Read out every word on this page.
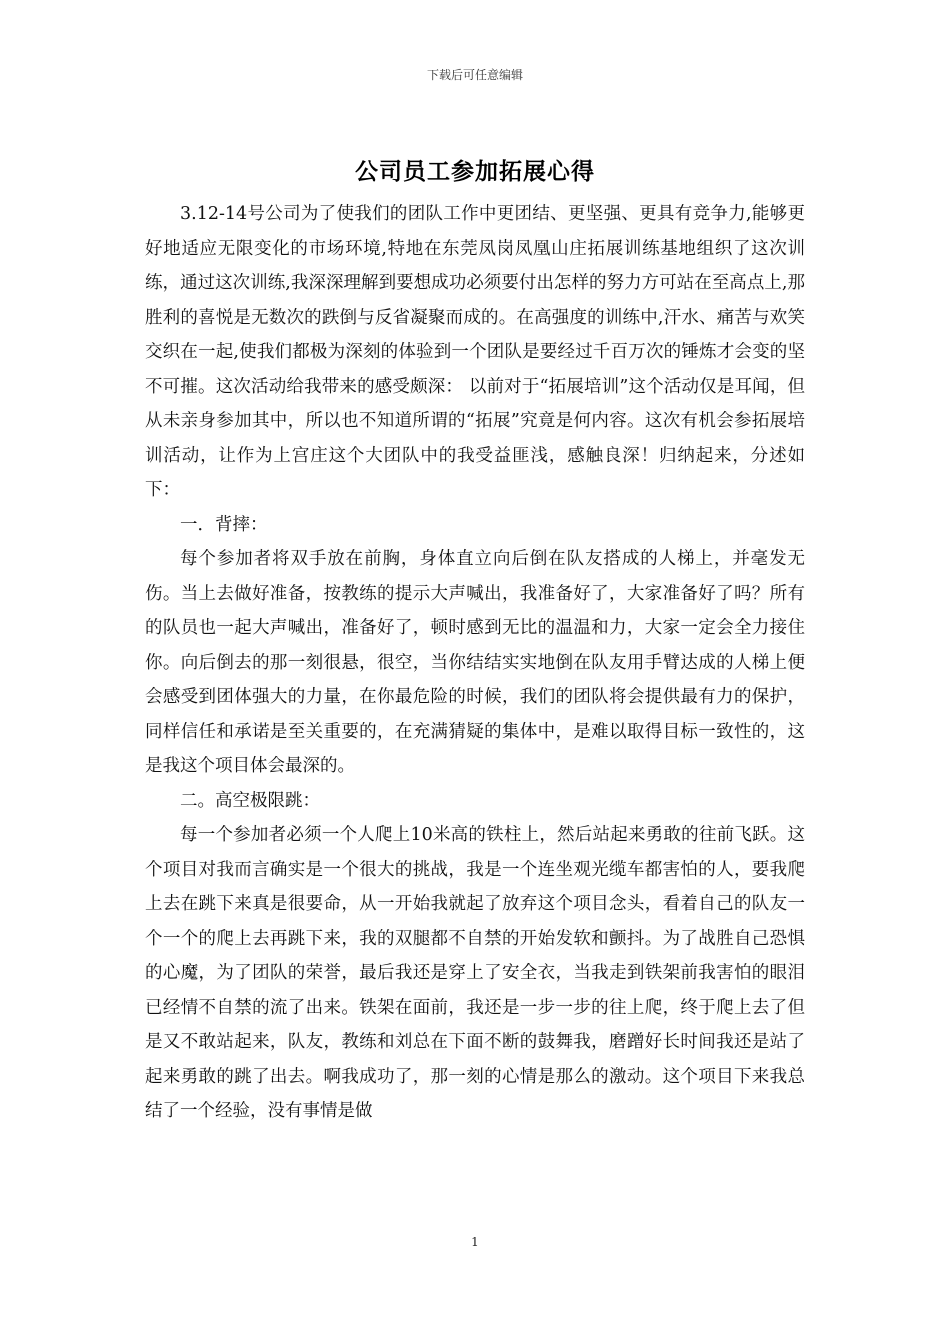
下载后可任意编辑
公司员工参加拓展心得

3.12-14号公司为了使我们的团队工作中更团结、更坚强、更具有竞争力,能够更好地适应无限变化的市场环境,特地在东莞凤岗凤凰山庄拓展训练基地组织了这次训练，通过这次训练,我深深理解到要想成功必须要付出怎样的努力方可站在至高点上,那胜利的喜悦是无数次的跌倒与反省凝聚而成的。在高强度的训练中,汗水、痛苦与欢笑交织在一起,使我们都极为深刻的体验到一个团队是要经过千百万次的锤炼才会变的坚不可摧。这次活动给我带来的感受颇深： 以前对于“拓展培训”这个活动仅是耳闻，但从未亲身参加其中，所以也不知道所谓的“拓展”究竟是何内容。这次有机会参拓展培训活动，让作为上宫庄这个大团队中的我受益匪浅，感触良深！归纳起来，分述如下：

一．背摔：

每个参加者将双手放在前胸，身体直立向后倒在队友搭成的人梯上，并毫发无伤。当上去做好准备，按教练的提示大声喊出，我准备好了，大家准备好了吗？所有的队员也一起大声喊出，准备好了，顿时感到无比的温温和力，大家一定会全力接住你。向后倒去的那一刻很悬，很空，当你结结实实地倒在队友用手臂达成的人梯上便会感受到团体强大的力量，在你最危险的时候，我们的团队将会提供最有力的保护，同样信任和承诺是至关重要的，在充满猜疑的集体中，是难以取得目标一致性的，这是我这个项目体会最深的。

二。高空极限跳：

每一个参加者必须一个人爬上10米高的铁柱上，然后站起来勇敢的往前飞跃。这个项目对我而言确实是一个很大的挑战，我是一个连坐观光缆车都害怕的人，要我爬上去在跳下来真是很要命，从一开始我就起了放弃这个项目念头，看着自己的队友一个一个的爬上去再跳下来，我的双腿都不自禁的开始发软和颤抖。为了战胜自己恐惧的心魔，为了团队的荣誉，最后我还是穿上了安全衣，当我走到铁架前我害怕的眼泪已经情不自禁的流了出来。铁架在面前，我还是一步一步的往上爬，终于爬上去了但是又不敢站起来，队友，教练和刘总在下面不断的鼓舞我，磨蹭好长时间我还是站了起来勇敢的跳了出去。啊我成功了，那一刻的心情是那么的激动。这个项目下来我总结了一个经验，没有事情是做

1
